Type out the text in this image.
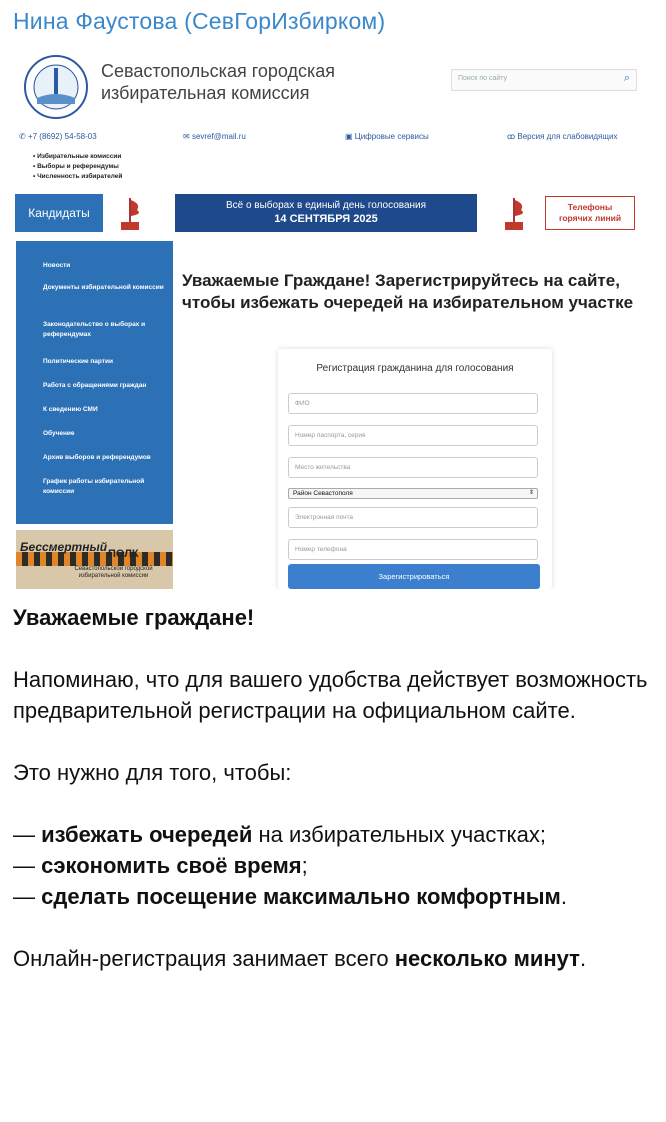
Нина Фаустова (СевГорИзбирком)
Севастопольская городская
избирательная комиссия
Поиск по сайту	⌕
✆ +7 (8692) 54-58-03	✉ sevref@mail.ru	▣ Цифровые сервисы	ꝏ Версия для слабовидящих
• Избирательные комиссии
• Выборы и референдумы
• Численность избирателей
Кандидаты
Всё о выборах в единый день голосования
14 СЕНТЯБРЯ 2025
Телефоны
горячих линий
Новости
Документы избирательной комиссии
Законодательство о выборах и референдумах
Политические партии
Работа с обращениями граждан
К сведению СМИ
Обучение
Архив выборов и референдумов
График работы избирательной комиссии
Бессмертный ПОЛК
Севастопольской городской
избирательной комиссии
Уважаемые Граждане! Зарегистрируйтесь на сайте, чтобы избежать очередей на избирательном участке
Регистрация гражданина для голосования
ФИО
Номер паспорта, серия
Место жительства
Район Севастополя	⇕
Электронная почта
Номер телефона
Зарегистрироваться

Уважаемые граждане!

Напоминаю, что для вашего удобства действует возможность предварительной регистрации на официальном сайте.

Это нужно для того, чтобы:

— избежать очередей на избирательных участках;

— сэкономить своё время;

— сделать посещение максимально комфортным.

Онлайн-регистрация занимает всего несколько минут.
